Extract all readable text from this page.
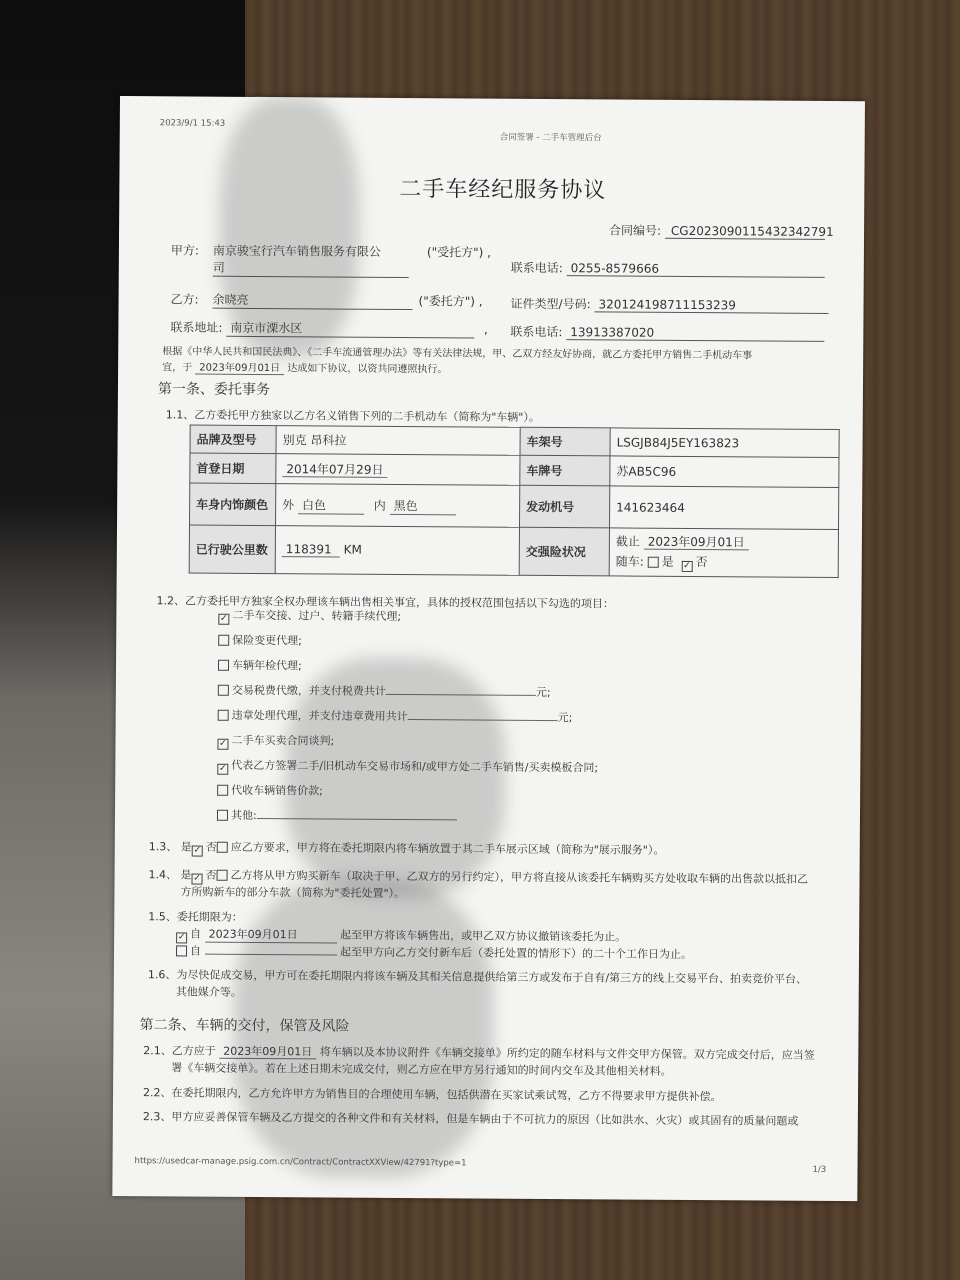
2023/9/1 15:43
合同签署 - 二手车管理后台
二手车经纪服务协议
合同编号: CG2023090115432342791
甲方: 南京骏宝行汽车销售服务有限公
司
("受托方") ,
联系电话: 0255-8579666
乙方: 余晓亮	("委托方") , 证件类型/号码: 320124198711153239
联系地址: 南京市溧水区	, 联系电话: 13913387020
根据《中华人民共和国民法典》、《二手车流通管理办法》等有关法律法规，甲、乙双方经友好协商，就乙方委托甲方销售二手机动车事
宜，于 2023年09月01日 达成如下协议，以资共同遵照执行。
第一条、委托事务
1.1、乙方委托甲方独家以乙方名义销售下列的二手机动车（简称为"车辆"）。
品牌及型号	别克 昂科拉	车架号	LSGJB84J5EY163823
首登日期	2014年07月29日	车牌号	苏AB5C96
车身内饰颜色	外 白色 内 黑色	发动机号	141623464
已行驶公里数	118391 KM	交强险状况	截止 2023年09月01日
随车: 是 ✓ 否
1.2、乙方委托甲方独家全权办理该车辆出售相关事宜，具体的授权范围包括以下勾选的项目：
✓ 二手车交接、过户、转籍手续代理;
保险变更代理;
车辆年检代理;
交易税费代缴，并支付税费共计	元;
违章处理代理，并支付违章费用共计	元;
✓ 二手车买卖合同谈判;
✓ 代表乙方签署二手/旧机动车交易市场和/或甲方处二手车销售/买卖模板合同;
代收车辆销售价款;
其他:
1.3、 是 ✓ 否 应乙方要求，甲方将在委托期限内将车辆放置于其二手车展示区域（简称为"展示服务"）。
1.4、 是 ✓ 否 乙方将从甲方购买新车（取决于甲、乙双方的另行约定），甲方将直接从该委托车辆购买方处收取车辆的出售款以抵扣乙
方所购新车的部分车款（简称为"委托处置"）。
1.5、委托期限为：
✓ 自 2023年09月01日	起至甲方将该车辆售出，或甲乙双方协议撤销该委托为止。
自	起至甲方向乙方交付新车后（委托处置的情形下）的二十个工作日为止。
1.6、为尽快促成交易，甲方可在委托期限内将该车辆及其相关信息提供给第三方或发布于自有/第三方的线上交易平台、拍卖竞价平台、
其他媒介等。
第二条、车辆的交付，保管及风险
2.1、乙方应于 2023年09月01日 将车辆以及本协议附件《车辆交接单》所约定的随车材料与文件交甲方保管。双方完成交付后，应当签
署《车辆交接单》。若在上述日期未完成交付，则乙方应在甲方另行通知的时间内交车及其他相关材料。
2.2、在委托期限内，乙方允许甲方为销售目的合理使用车辆，包括供潜在买家试乘试驾，乙方不得要求甲方提供补偿。
2.3、甲方应妥善保管车辆及乙方提交的各种文件和有关材料，但是车辆由于不可抗力的原因（比如洪水、火灾）或其固有的质量问题或
https://usedcar-manage.psig.com.cn/Contract/ContractXXView/42791?type=1
1/3
